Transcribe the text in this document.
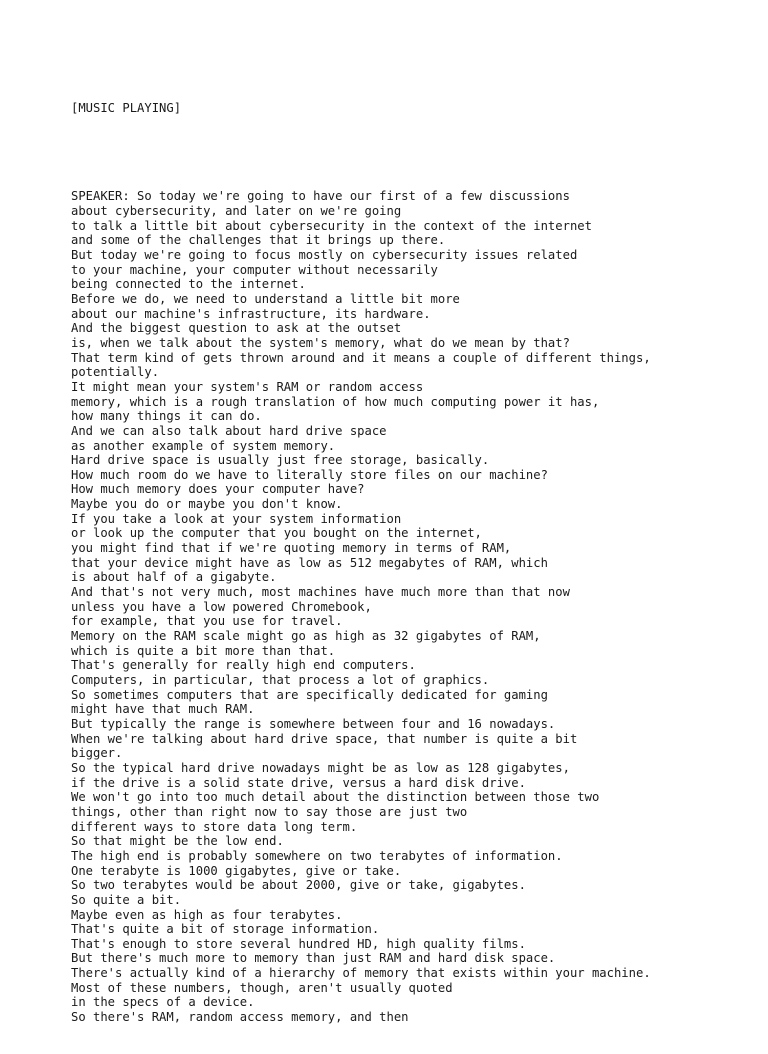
[MUSIC PLAYING]

SPEAKER: So today we're going to have our first of a few discussions
about cybersecurity, and later on we're going
to talk a little bit about cybersecurity in the context of the internet
and some of the challenges that it brings up there.
But today we're going to focus mostly on cybersecurity issues related
to your machine, your computer without necessarily
being connected to the internet.
Before we do, we need to understand a little bit more
about our machine's infrastructure, its hardware.
And the biggest question to ask at the outset
is, when we talk about the system's memory, what do we mean by that?
That term kind of gets thrown around and it means a couple of different things,
potentially.
It might mean your system's RAM or random access
memory, which is a rough translation of how much computing power it has,
how many things it can do.
And we can also talk about hard drive space
as another example of system memory.
Hard drive space is usually just free storage, basically.
How much room do we have to literally store files on our machine?
How much memory does your computer have?
Maybe you do or maybe you don't know.
If you take a look at your system information
or look up the computer that you bought on the internet,
you might find that if we're quoting memory in terms of RAM,
that your device might have as low as 512 megabytes of RAM, which
is about half of a gigabyte.
And that's not very much, most machines have much more than that now
unless you have a low powered Chromebook,
for example, that you use for travel.
Memory on the RAM scale might go as high as 32 gigabytes of RAM,
which is quite a bit more than that.
That's generally for really high end computers.
Computers, in particular, that process a lot of graphics.
So sometimes computers that are specifically dedicated for gaming
might have that much RAM.
But typically the range is somewhere between four and 16 nowadays.
When we're talking about hard drive space, that number is quite a bit
bigger.
So the typical hard drive nowadays might be as low as 128 gigabytes,
if the drive is a solid state drive, versus a hard disk drive.
We won't go into too much detail about the distinction between those two
things, other than right now to say those are just two
different ways to store data long term.
So that might be the low end.
The high end is probably somewhere on two terabytes of information.
One terabyte is 1000 gigabytes, give or take.
So two terabytes would be about 2000, give or take, gigabytes.
So quite a bit.
Maybe even as high as four terabytes.
That's quite a bit of storage information.
That's enough to store several hundred HD, high quality films.
But there's much more to memory than just RAM and hard disk space.
There's actually kind of a hierarchy of memory that exists within your machine.
Most of these numbers, though, aren't usually quoted
in the specs of a device.
So there's RAM, random access memory, and then
